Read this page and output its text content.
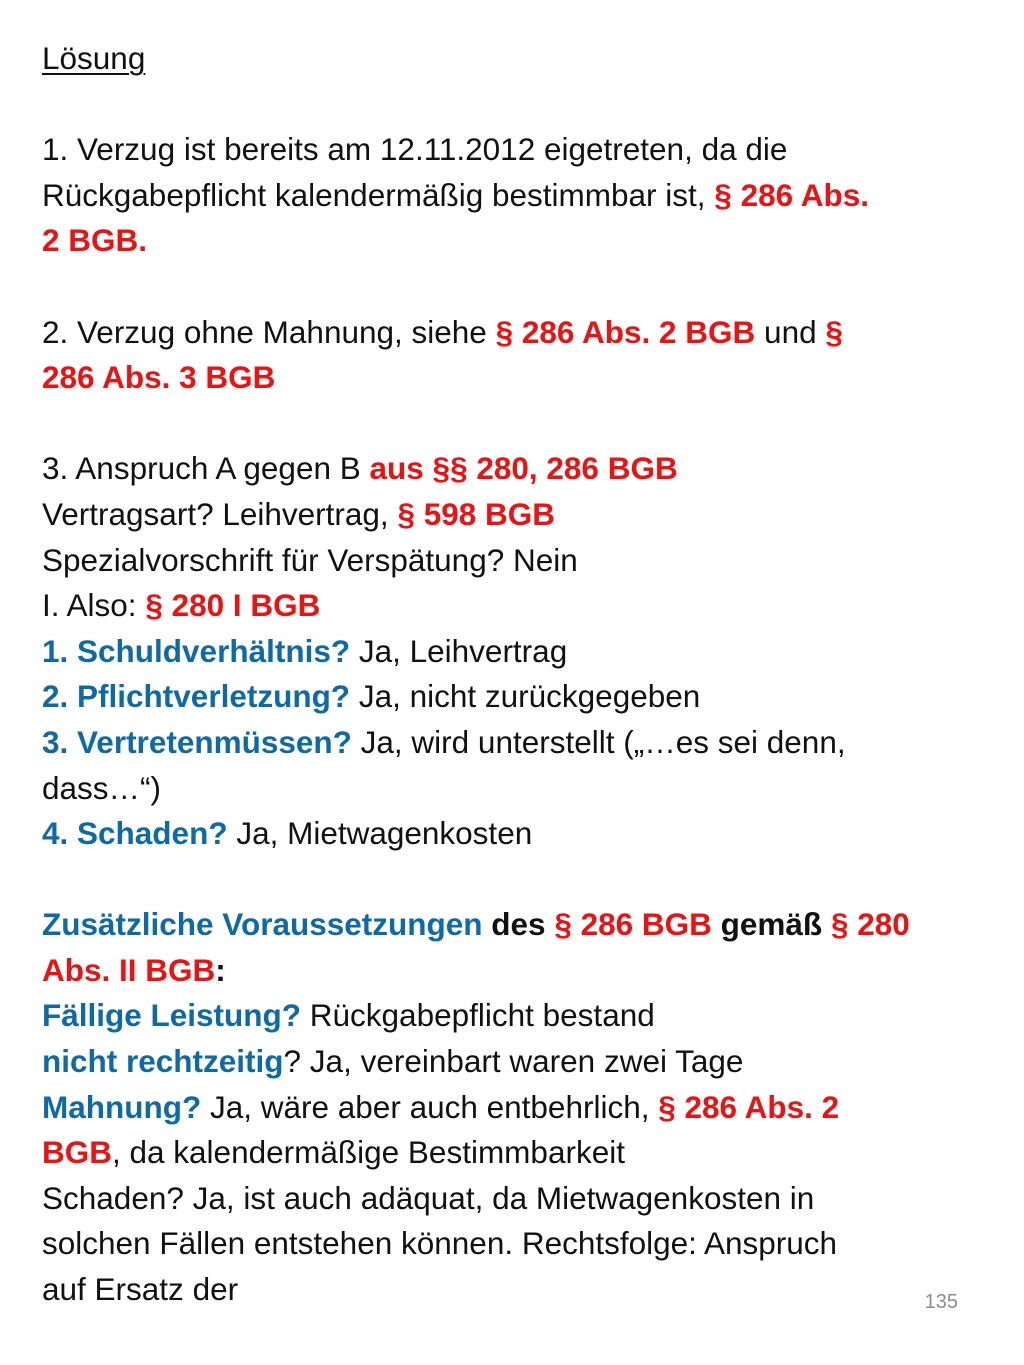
Lösung
1. Verzug ist bereits am 12.11.2012 eigetreten, da die
Rückgabepflicht kalendermäßig bestimmbar ist, § 286 Abs.
2 BGB.
2. Verzug ohne Mahnung, siehe § 286 Abs. 2 BGB und §
286 Abs. 3 BGB
3. Anspruch A gegen B aus §§ 280, 286 BGB
Vertragsart? Leihvertrag, § 598 BGB
Spezialvorschrift für Verspätung? Nein
I. Also: § 280 I BGB
1. Schuldverhältnis? Ja, Leihvertrag
2. Pflichtverletzung? Ja, nicht zurückgegeben
3. Vertretenmüssen? Ja, wird unterstellt („…es sei denn,
dass…“)
4. Schaden? Ja, Mietwagenkosten
Zusätzliche Voraussetzungen des § 286 BGB gemäß § 280
Abs. II BGB:
Fällige Leistung? Rückgabepflicht bestand
nicht rechtzeitig? Ja, vereinbart waren zwei Tage
Mahnung? Ja, wäre aber auch entbehrlich, § 286 Abs. 2
BGB, da kalendermäßige Bestimmbarkeit
Schaden? Ja, ist auch adäquat, da Mietwagenkosten in
solchen Fällen entstehen können. Rechtsfolge: Anspruch
auf Ersatz der	135
